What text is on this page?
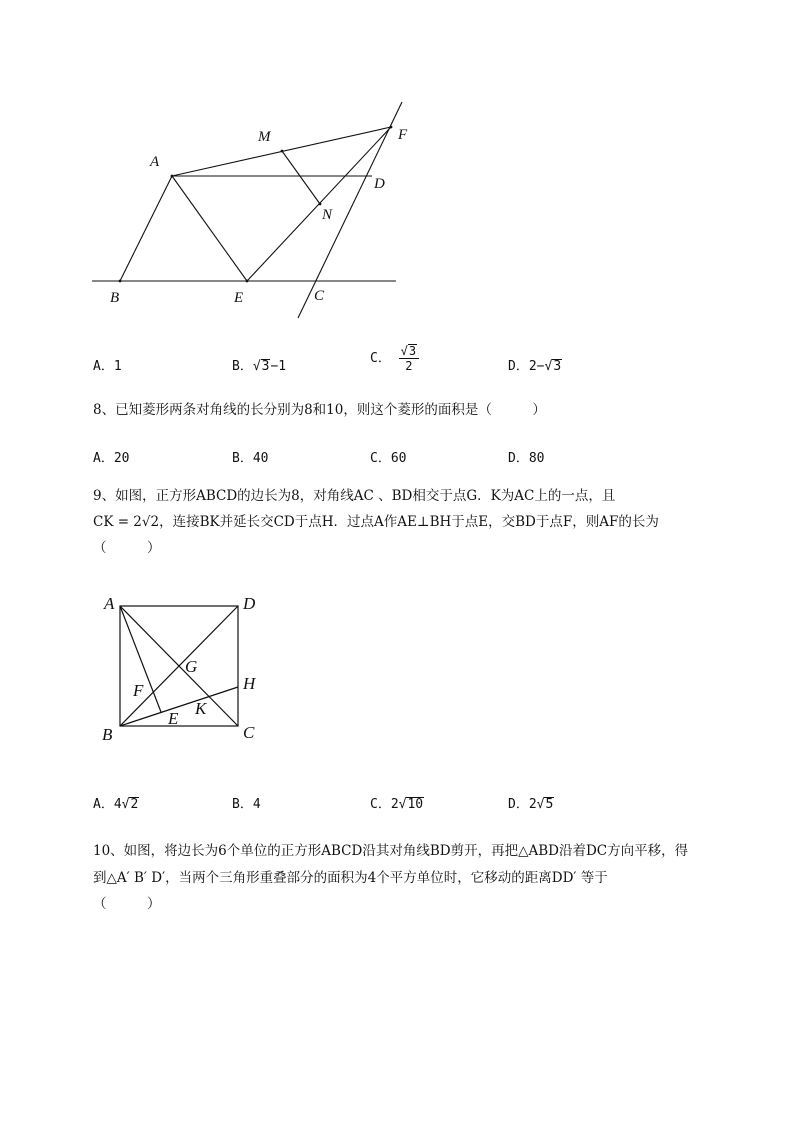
A
M	F
D
N
B	E	C
A．1	B．√3−1
C． $\frac{√3}{2}$	D．2−√3
8、已知菱形两条对角线的长分别为8和10，则这个菱形的面积是（　　　）
A．20	B．40	C．60	D．80
9、如图，正方形ABCD的边长为8，对角线AC 、BD相交于点G．K为AC上的一点，且
CK = 2√2，连接BK并延长交CD于点H．过点A作AE⊥BH于点E，交BD于点F，则AF的长为
（　　　）
A	D
G
H
F
K
E
B	C
A．4√2	B．4	C．2√10	D．2√5
10、如图，将边长为6个单位的正方形ABCD沿其对角线BD剪开，再把△ABD沿着DC方向平移，得
到△A′ B′ D′，当两个三角形重叠部分的面积为4个平方单位时，它移动的距离DD′ 等于
（　　　）
